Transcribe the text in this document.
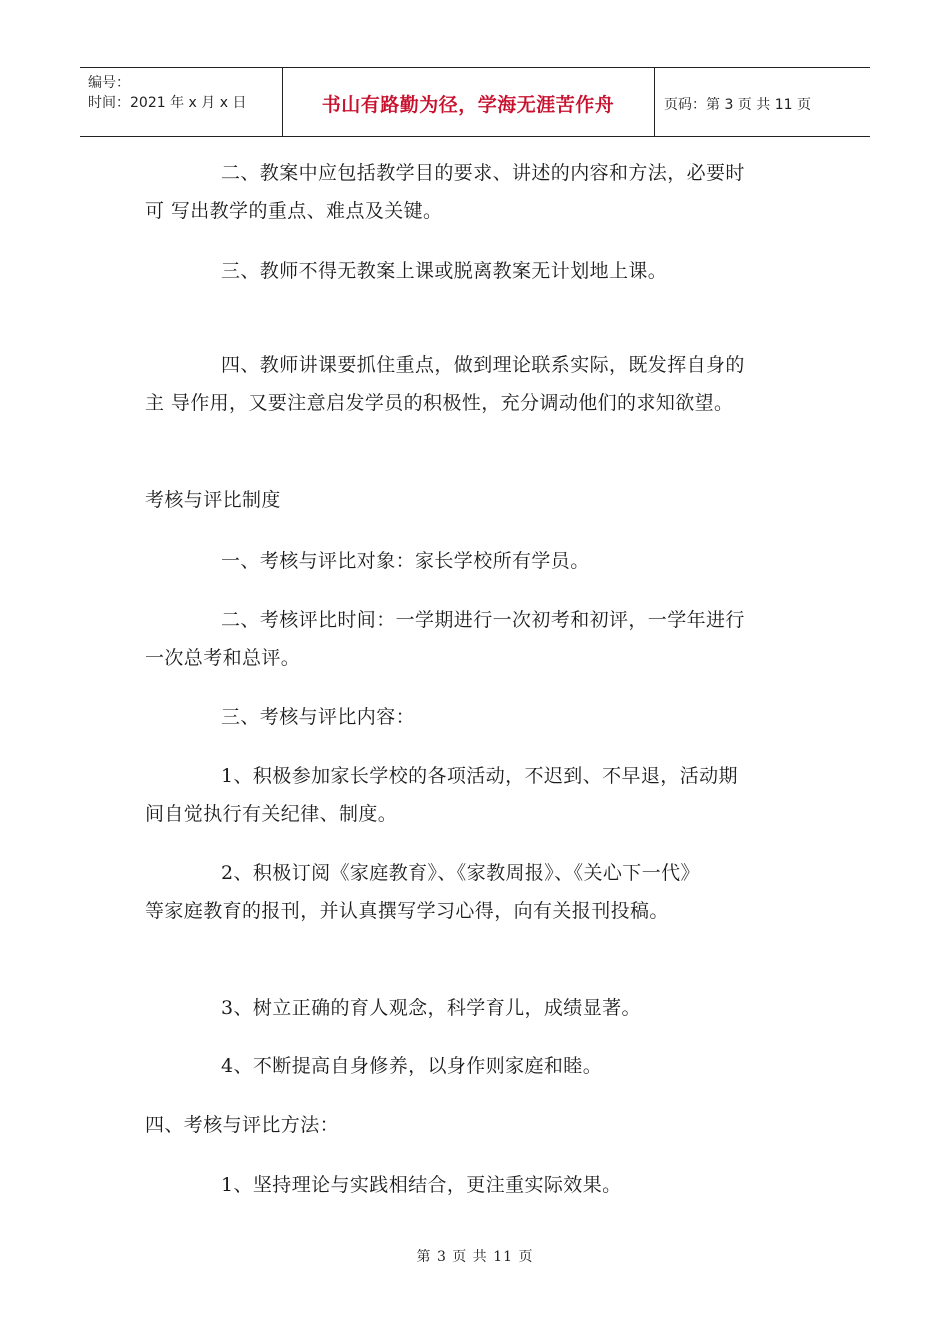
编号：
时间：2021 年 x 月 x 日	书山有路勤为径，学海无涯苦作舟	页码：第 3 页 共 11 页
二、教案中应包括教学目的要求、讲述的内容和方法，必要时
可 写出教学的重点、难点及关键。
三、教师不得无教案上课或脱离教案无计划地上课。
四、教师讲课要抓住重点，做到理论联系实际，既发挥自身的
主 导作用，又要注意启发学员的积极性，充分调动他们的求知欲望。
考核与评比制度
一、考核与评比对象：家长学校所有学员。
二、考核评比时间：一学期进行一次初考和初评，一学年进行
一次总考和总评。
三、考核与评比内容：
1、积极参加家长学校的各项活动，不迟到、不早退，活动期
间自觉执行有关纪律、制度。
2、积极订阅《家庭教育》、《家教周报》、《关心下一代》
等家庭教育的报刊，并认真撰写学习心得，向有关报刊投稿。
3、树立正确的育人观念，科学育儿，成绩显著。
4、不断提高自身修养，以身作则家庭和睦。
四、考核与评比方法：
1、坚持理论与实践相结合，更注重实际效果。
第 3 页 共 11 页
